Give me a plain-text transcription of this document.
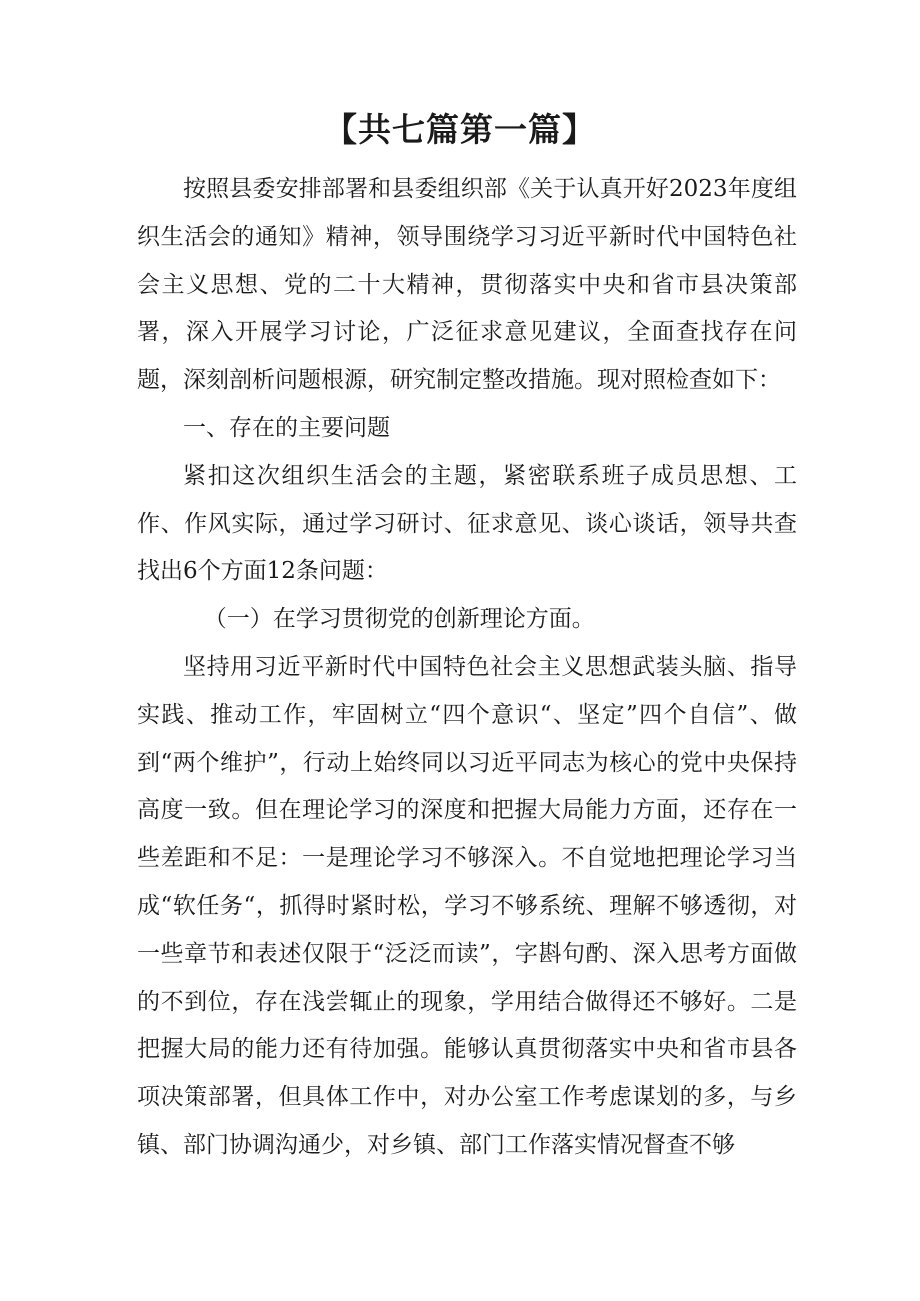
【共七篇第一篇】

按照县委安排部署和县委组织部《关于认真开好2023年度组织生活会的通知》精神，领导围绕学习习近平新时代中国特色社会主义思想、党的二十大精神，贯彻落实中央和省市县决策部署，深入开展学习讨论，广泛征求意见建议，全面查找存在问题，深刻剖析问题根源，研究制定整改措施。现对照检查如下：

一、存在的主要问题

紧扣这次组织生活会的主题，紧密联系班子成员思想、工作、作风实际，通过学习研讨、征求意见、谈心谈话，领导共查找出6个方面12条问题：

（一）在学习贯彻党的创新理论方面。

坚持用习近平新时代中国特色社会主义思想武装头脑、指导实践、推动工作，牢固树立“四个意识“、坚定”四个自信”、做到“两个维护”，行动上始终同以习近平同志为核心的党中央保持高度一致。但在理论学习的深度和把握大局能力方面，还存在一些差距和不足：一是理论学习不够深入。不自觉地把理论学习当成“软任务“，抓得时紧时松，学习不够系统、理解不够透彻，对一些章节和表述仅限于“泛泛而读”，字斟句酌、深入思考方面做的不到位，存在浅尝辄止的现象，学用结合做得还不够好。二是把握大局的能力还有待加强。能够认真贯彻落实中央和省市县各项决策部署，但具体工作中，对办公室工作考虑谋划的多，与乡镇、部门协调沟通少，对乡镇、部门工作落实情况督查不够
